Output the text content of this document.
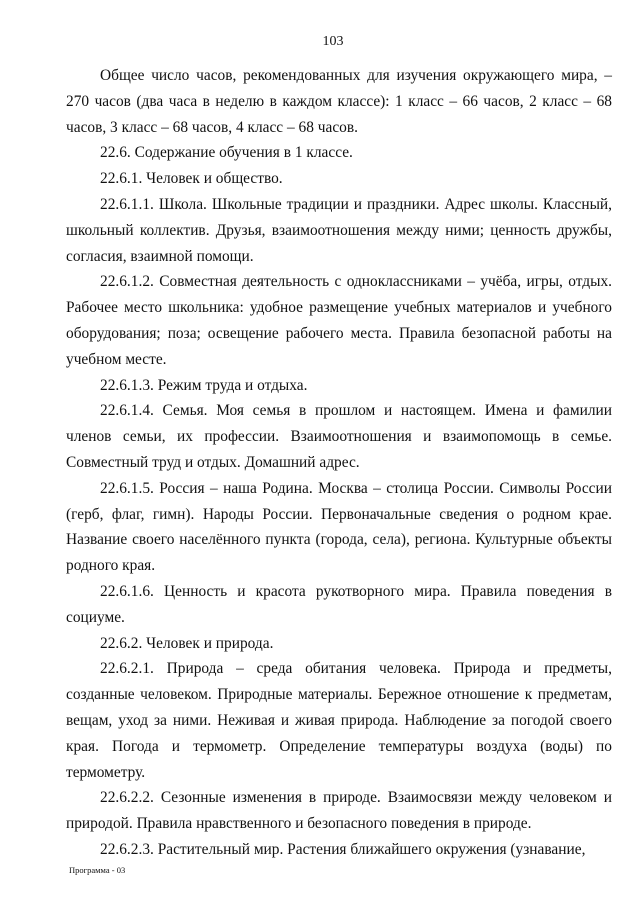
103

Общее число часов, рекомендованных для изучения окружающего мира, – 270 часов (два часа в неделю в каждом классе): 1 класс – 66 часов, 2 класс – 68 часов, 3 класс – 68 часов, 4 класс – 68 часов.

22.6. Содержание обучения в 1 классе.

22.6.1. Человек и общество.

22.6.1.1. Школа. Школьные традиции и праздники. Адрес школы. Классный, школьный коллектив. Друзья, взаимоотношения между ними; ценность дружбы, согласия, взаимной помощи.

22.6.1.2. Совместная деятельность с одноклассниками – учёба, игры, отдых. Рабочее место школьника: удобное размещение учебных материалов и учебного оборудования; поза; освещение рабочего места. Правила безопасной работы на учебном месте.

22.6.1.3. Режим труда и отдыха.

22.6.1.4. Семья. Моя семья в прошлом и настоящем. Имена и фамилии членов семьи, их профессии. Взаимоотношения и взаимопомощь в семье. Совместный труд и отдых. Домашний адрес.

22.6.1.5. Россия – наша Родина. Москва – столица России. Символы России (герб, флаг, гимн). Народы России. Первоначальные сведения о родном крае. Название своего населённого пункта (города, села), региона. Культурные объекты родного края.

22.6.1.6. Ценность и красота рукотворного мира. Правила поведения в социуме.

22.6.2. Человек и природа.

22.6.2.1. Природа – среда обитания человека. Природа и предметы, созданные человеком. Природные материалы. Бережное отношение к предметам, вещам, уход за ними. Неживая и живая природа. Наблюдение за погодой своего края. Погода и термометр. Определение температуры воздуха (воды) по термометру.

22.6.2.2. Сезонные изменения в природе. Взаимосвязи между человеком и природой. Правила нравственного и безопасного поведения в природе.

22.6.2.3. Растительный мир. Растения ближайшего окружения (узнавание,

Программа - 03
